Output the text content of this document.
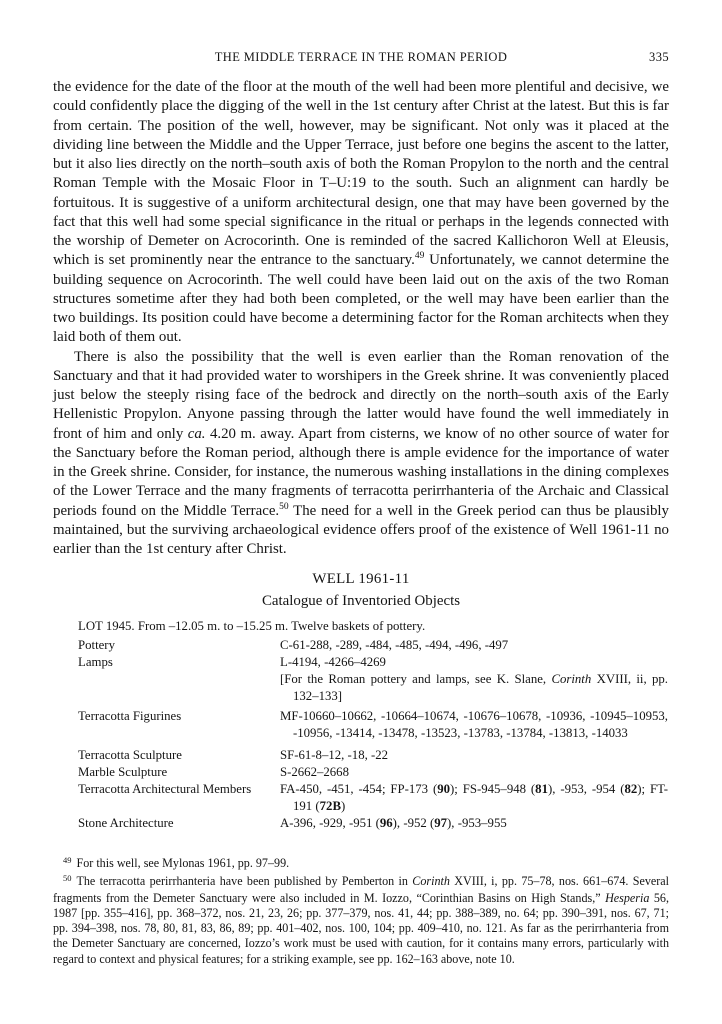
THE MIDDLE TERRACE IN THE ROMAN PERIOD	335

the evidence for the date of the floor at the mouth of the well had been more plentiful and decisive, we could confidently place the digging of the well in the 1st century after Christ at the latest. But this is far from certain. The position of the well, however, may be significant. Not only was it placed at the dividing line between the Middle and the Upper Terrace, just before one begins the ascent to the latter, but it also lies directly on the north–south axis of both the Roman Propylon to the north and the central Roman Temple with the Mosaic Floor in T–U:19 to the south. Such an alignment can hardly be fortuitous. It is suggestive of a uniform architectural design, one that may have been governed by the fact that this well had some special significance in the ritual or perhaps in the legends connected with the worship of Demeter on Acrocorinth. One is reminded of the sacred Kallichoron Well at Eleusis, which is set prominently near the entrance to the sanctuary.$^{49}$ Unfortunately, we cannot determine the building sequence on Acrocorinth. The well could have been laid out on the axis of the two Roman structures sometime after they had both been completed, or the well may have been earlier than the two buildings. Its position could have become a determining factor for the Roman architects when they laid both of them out.

There is also the possibility that the well is even earlier than the Roman renovation of the Sanctuary and that it had provided water to worshipers in the Greek shrine. It was conveniently placed just below the steeply rising face of the bedrock and directly on the north–south axis of the Early Hellenistic Propylon. Anyone passing through the latter would have found the well immediately in front of him and only ca. 4.20 m. away. Apart from cisterns, we know of no other source of water for the Sanctuary before the Roman period, although there is ample evidence for the importance of water in the Greek shrine. Consider, for instance, the numerous washing installations in the dining complexes of the Lower Terrace and the many fragments of terracotta perirrhanteria of the Archaic and Classical periods found on the Middle Terrace.$^{50}$ The need for a well in the Greek period can thus be plausibly maintained, but the surviving archaeological evidence offers proof of the existence of Well 1961-11 no earlier than the 1st century after Christ.

WELL 1961-11
Catalogue of Inventoried Objects
LOT 1945. From –12.05 m. to –15.25 m. Twelve baskets of pottery.
Pottery	C-61-288, -289, -484, -485, -494, -496, -497
Lamps	L-4194, -4266–4269
	[For the Roman pottery and lamps, see K. Slane, Corinth XVIII, ii, pp. 132–133]
Terracotta Figurines	MF-10660–10662, -10664–10674, -10676–10678, -10936, -10945–10953, -10956, -13414, -13478, -13523, -13783, -13784, -13813, -14033
Terracotta Sculpture	SF-61-8–12, -18, -22
Marble Sculpture	S-2662–2668
Terracotta Architectural Members	FA-450, -451, -454; FP-173 (90); FS-945–948 (81), -953, -954 (82); FT-191 (72B)
Stone Architecture	A-396, -929, -951 (96), -952 (97), -953–955

$^{49}$ For this well, see Mylonas 1961, pp. 97–99.

$^{50}$ The terracotta perirrhanteria have been published by Pemberton in Corinth XVIII, i, pp. 75–78, nos. 661–674. Several fragments from the Demeter Sanctuary were also included in M. Iozzo, “Corinthian Basins on High Stands,” Hesperia 56, 1987 [pp. 355–416], pp. 368–372, nos. 21, 23, 26; pp. 377–379, nos. 41, 44; pp. 388–389, no. 64; pp. 390–391, nos. 67, 71; pp. 394–398, nos. 78, 80, 81, 83, 86, 89; pp. 401–402, nos. 100, 104; pp. 409–410, no. 121. As far as the perirrhanteria from the Demeter Sanctuary are concerned, Iozzo’s work must be used with caution, for it contains many errors, particularly with regard to context and physical features; for a striking example, see pp. 162–163 above, note 10.
